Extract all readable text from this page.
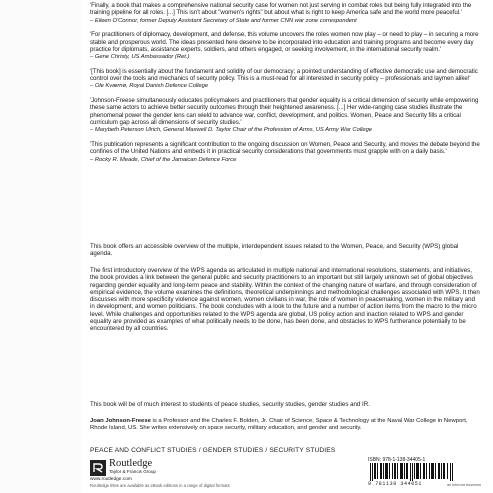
'Finally, a book that makes a comprehensive national security case for women not just serving in combat roles but being fully integrated into the training pipeline for all roles. [...] This isn't about "women's rights" but about what is right to keep America safe and the world more peaceful.'
– Eileen O'Connor, former Deputy Assistant Secretary of State and former CNN war zone correspondent

'For practitioners of diplomacy, development, and defense, this volume uncovers the roles women now play – or need to play – in securing a more stable and prosperous world. The ideas presented here deserve to be incorporated into education and training programs and become every day practice for diplomats, assistance experts, soldiers, and others engaged, or seeking involvement, in the international security realm.'
– Gene Christy, US Ambassador (Ret.)

'[This book] is essentially about the fundament and solidity of our democracy; a pointed understanding of effective democratic use and democratic control over the tools and mechanics of security policy. This is a must-read for all interested in security policy – professionals and laymen alike!'
– Ole Kværnø, Royal Danish Defence College

'Johnson-Freese simultaneously educates policymakers and practitioners that gender equality is a critical dimension of security while empowering these same actors to achieve better security outcomes through their heightened awareness. [...] Her wide-ranging case studies illustrate the phenomenal power the gender lens can wield to advance war, conflict, development, and politics. Women, Peace and Security fills a critical curriculum gap across all dimensions of security studies.'
– Marybeth Peterson Ulrich, General Maxwell D. Taylor Chair of the Profession of Arms, US Army War College

'This publication represents a significant contribution to the ongoing discussion on Women, Peace and Security, and moves the debate beyond the confines of the United Nations and embeds it in practical security considerations that governments must grapple with on a daily basis.'
– Rocky R. Meade, Chief of the Jamaican Defence Force

This book offers an accessible overview of the multiple, interdependent issues related to the Women, Peace, and Security (WPS) global agenda.

The first introductory overview of the WPS agenda as articulated in multiple national and international resolutions, statements, and initiatives, the book provides a link between the general public and security practitioners to an important but still largely unknown set of global objectives regarding gender equality and long-term peace and stability. Within the context of the changing nature of warfare, and through consideration of empirical evidence, the volume examines the definitions, theoretical underpinnings and methodological challenges associated with WPS. It then discusses with more specificity violence against women, women civilians in war, the role of women in peacemaking, women in the military and in development, and women politicians. The book concludes with a look to the future and a number of action items from the macro to the micro level. While challenges and opportunities related to the WPS agenda are global, US policy action and inaction related to WPS and gender equality are provided as examples of what politically needs to be done, has been done, and obstacles to WPS furtherance potentially to be encountered by all countries.

This book will be of much interest to students of peace studies, security studies, gender studies and IR.

Joan Johnson-Freese is a Professor and the Charles F. Bolden, Jr. Chair of Science, Space & Technology at the Naval War College in Newport, Rhode Island, US. She writes extensively on space security, military education, and gender and security.
PEACE AND CONFLICT STUDIES / GENDER STUDIES / SECURITY STUDIES
Routledge
Taylor & Francis Group
www.routledge.com
Routledge titles are available as eBook editions in a range of digital formats
ISBN: 978-1-138-34405-1
9 781138 344051	an informa business
